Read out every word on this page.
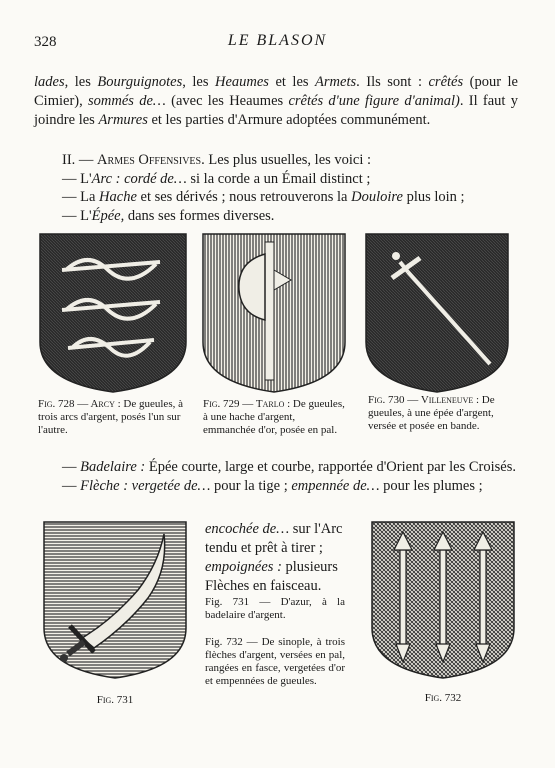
328	LE BLASON
lades, les Bourguignotes, les Heaumes et les Armets. Ils sont : crêtés (pour le Cimier), sommés de… (avec les Heaumes crêtés d'une figure d'animal). Il faut y joindre les Armures et les parties d'Armure adoptées communément.
II. — Armes Offensives. Les plus usuelles, les voici :
— L'Arc : cordé de… si la corde a un Émail distinct ;
— La Hache et ses dérivés ; nous retrouverons la Douloire plus loin ;
— L'Épée, dans ses formes diverses.
Fig. 728 — Arcy : De gueules, à trois arcs d'argent, posés l'un sur l'autre.
Fig. 729 — Tarlo : De gueules, à une hache d'argent, emmanchée d'or, posée en pal.
Fig. 730 — Villeneuve : De gueules, à une épée d'argent, versée et posée en bande.
— Badelaire : Épée courte, large et courbe, rapportée d'Orient par les Croisés.
— Flèche : vergetée de… pour la tige ; empennée de… pour les plumes ;
encochée de… sur l'Arc tendu et prêt à tirer ; empoignées : plusieurs Flèches en faisceau.
Fig. 731
Fig. 731 — D'azur, à la badelaire d'argent.
Fig. 732 — De sinople, à trois flèches d'argent, versées en pal, rangées en fasce, vergetées d'or et empennées de gueules.
Fig. 732
